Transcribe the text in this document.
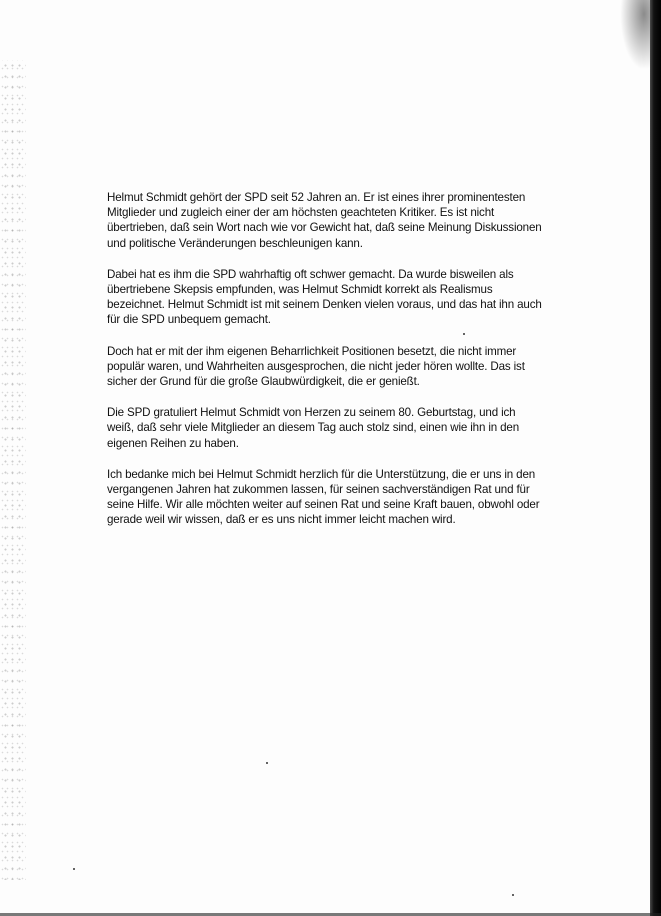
Helmut Schmidt gehört der SPD seit 52 Jahren an. Er ist eines ihrer prominentesten
Mitglieder und zugleich einer der am höchsten geachteten Kritiker. Es ist nicht
übertrieben, daß sein Wort nach wie vor Gewicht hat, daß seine Meinung Diskussionen
und politische Veränderungen beschleunigen kann.

Dabei hat es ihm die SPD wahrhaftig oft schwer gemacht. Da wurde bisweilen als
übertriebene Skepsis empfunden, was Helmut Schmidt korrekt als Realismus
bezeichnet. Helmut Schmidt ist mit seinem Denken vielen voraus, und das hat ihn auch
für die SPD unbequem gemacht.

Doch hat er mit der ihm eigenen Beharrlichkeit Positionen besetzt, die nicht immer
populär waren, und Wahrheiten ausgesprochen, die nicht jeder hören wollte. Das ist
sicher der Grund für die große Glaubwürdigkeit, die er genießt.

Die SPD gratuliert Helmut Schmidt von Herzen zu seinem 80. Geburtstag, und ich
weiß, daß sehr viele Mitglieder an diesem Tag auch stolz sind, einen wie ihn in den
eigenen Reihen zu haben.

Ich bedanke mich bei Helmut Schmidt herzlich für die Unterstützung, die er uns in den
vergangenen Jahren hat zukommen lassen, für seinen sachverständigen Rat und für
seine Hilfe. Wir alle möchten weiter auf seinen Rat und seine Kraft bauen, obwohl oder
gerade weil wir wissen, daß er es uns nicht immer leicht machen wird.
